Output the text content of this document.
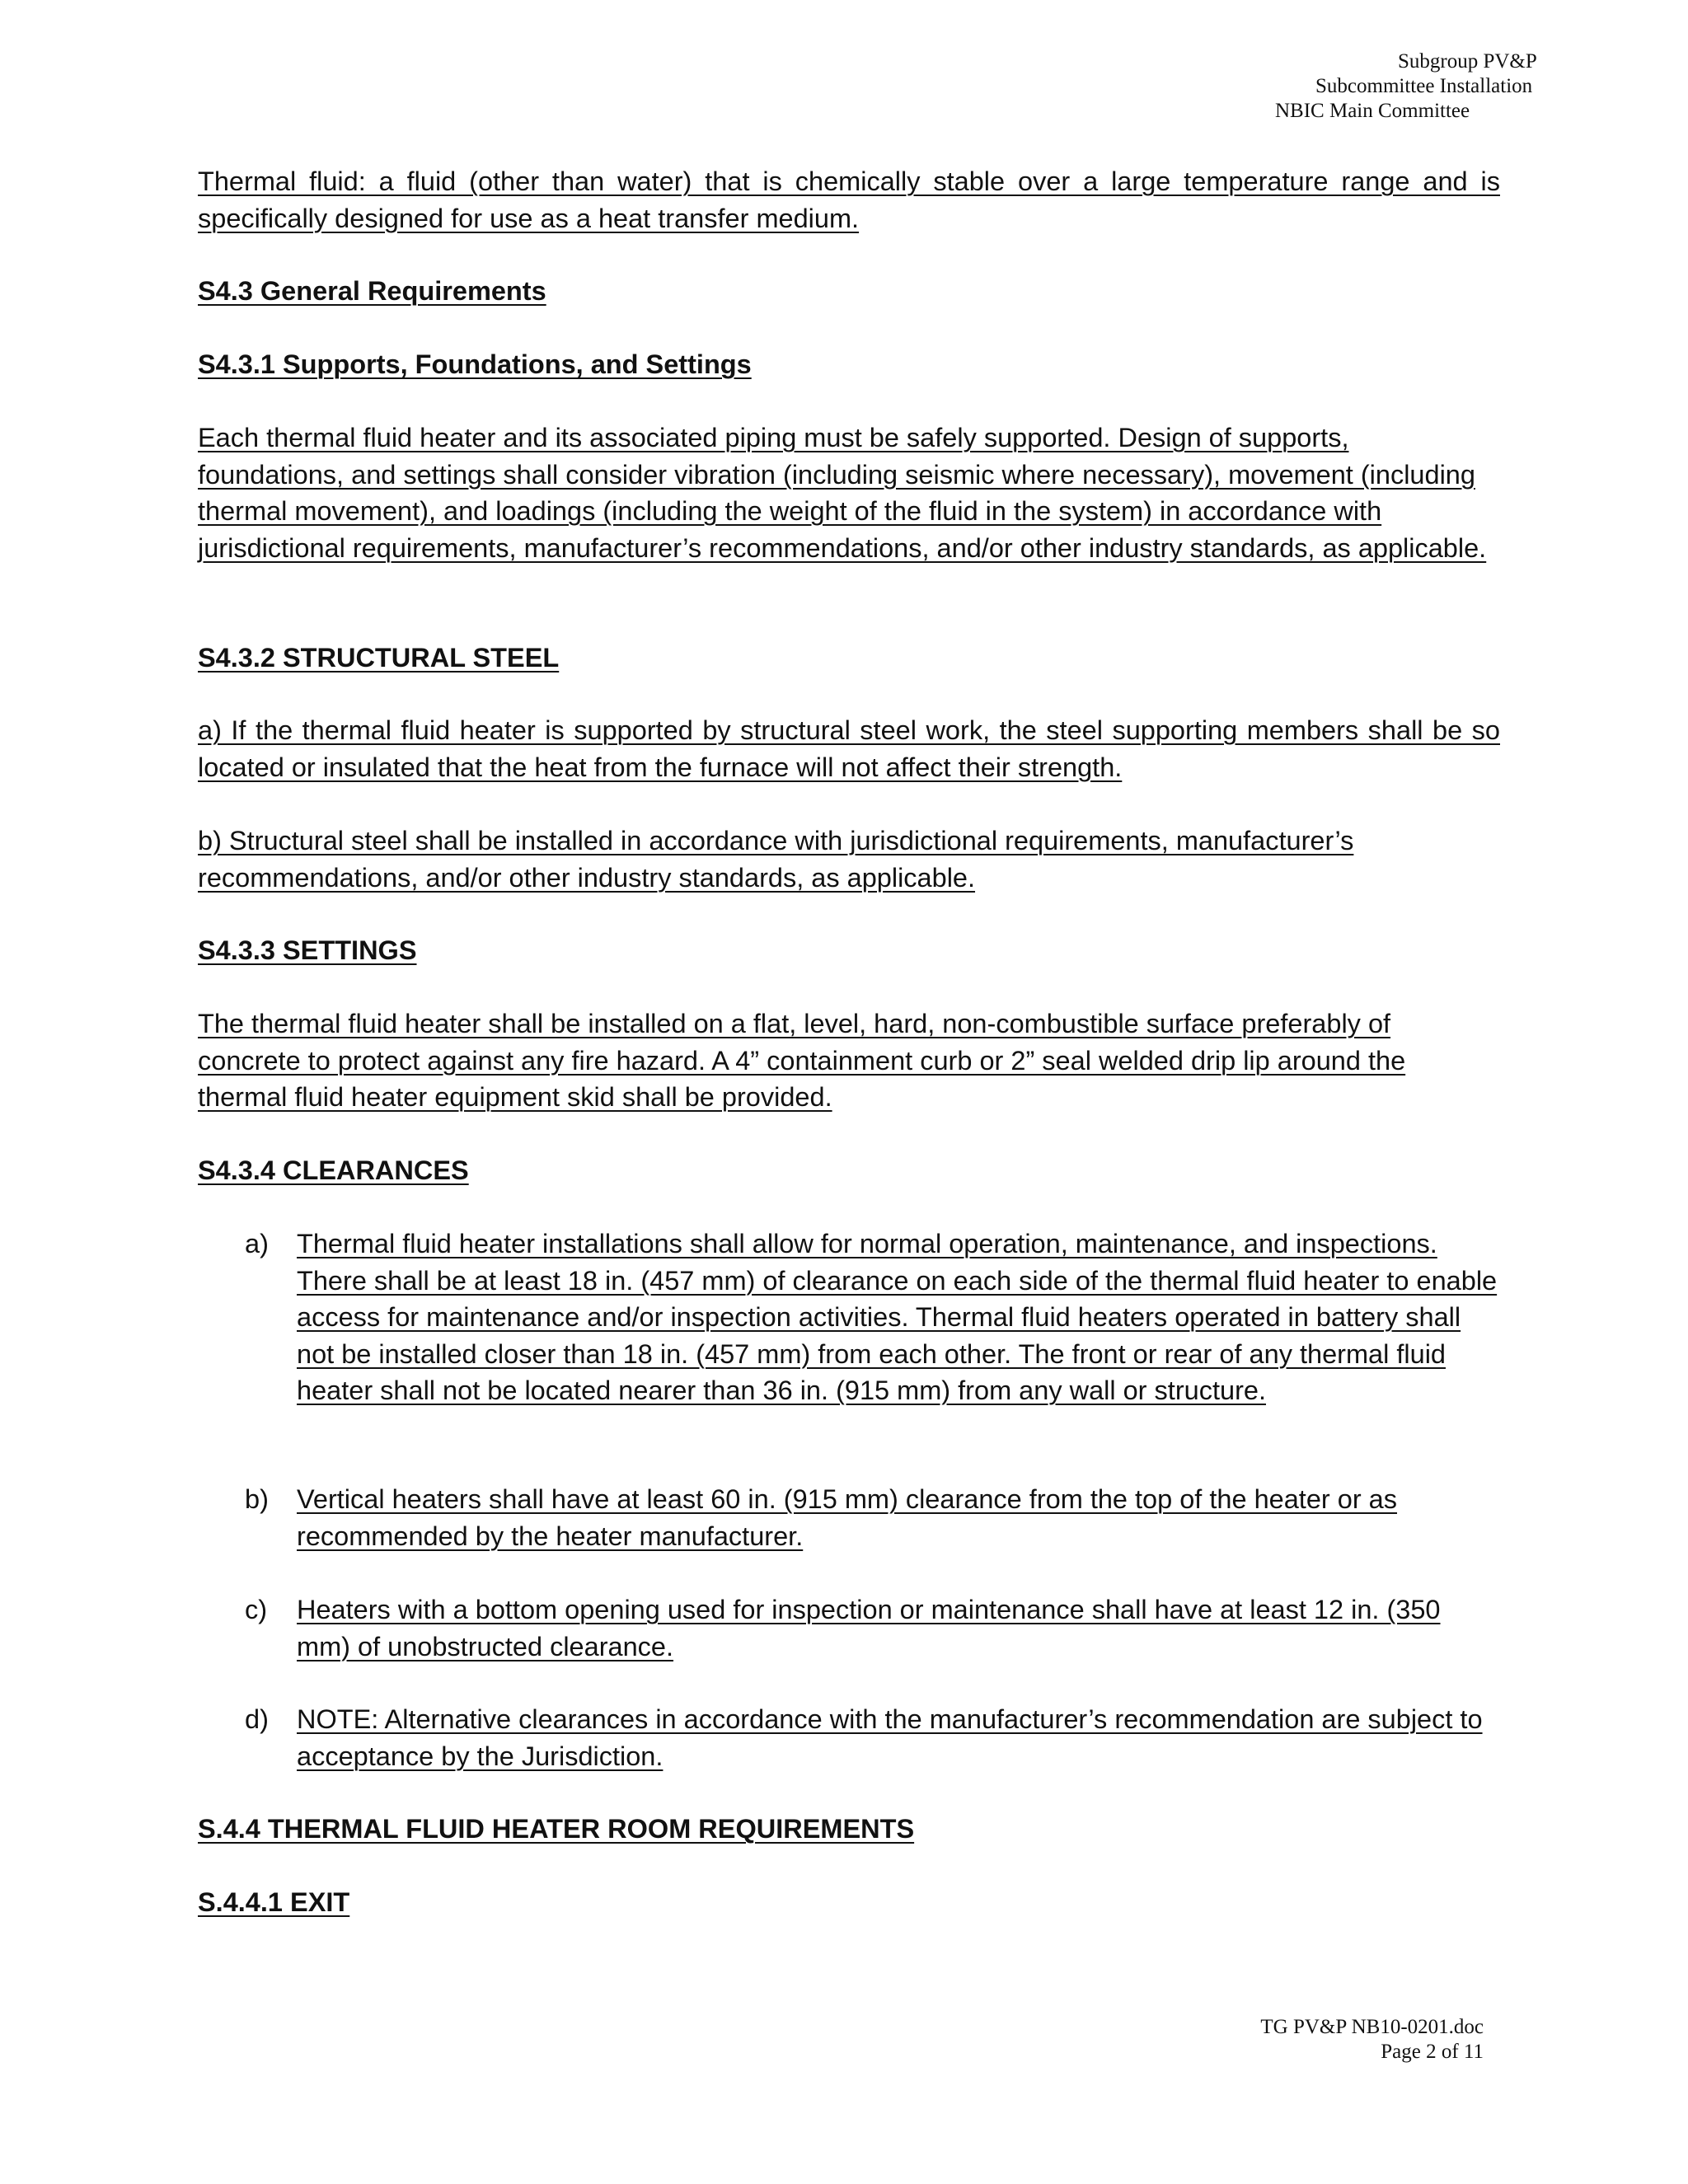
Subgroup PV&P
Subcommittee Installation
NBIC Main Committee
Thermal fluid: a fluid (other than water) that is chemically stable over a large temperature range and is specifically designed for use as a heat transfer medium.
S4.3 General Requirements
S4.3.1 Supports, Foundations, and Settings
Each thermal fluid heater and its associated piping must be safely supported. Design of supports, foundations, and settings shall consider vibration (including seismic where necessary), movement (including thermal movement), and loadings (including the weight of the fluid in the system) in accordance with jurisdictional requirements, manufacturer’s recommendations, and/or other industry standards, as applicable.
S4.3.2 STRUCTURAL STEEL
a) If the thermal fluid heater is supported by structural steel work, the steel supporting members shall be so located or insulated that the heat from the furnace will not affect their strength.
b) Structural steel shall be installed in accordance with jurisdictional requirements, manufacturer’s recommendations, and/or other industry standards, as applicable.
S4.3.3 SETTINGS
The thermal fluid heater shall be installed on a flat, level, hard, non-combustible surface preferably of concrete to protect against any fire hazard. A 4” containment curb or 2” seal welded drip lip around the thermal fluid heater equipment skid shall be provided.
S4.3.4 CLEARANCES
a)	Thermal fluid heater installations shall allow for normal operation, maintenance, and inspections. There shall be at least 18 in. (457 mm) of clearance on each side of the thermal fluid heater to enable access for maintenance and/or inspection activities. Thermal fluid heaters operated in battery shall not be installed closer than 18 in. (457 mm) from each other. The front or rear of any thermal fluid heater shall not be located nearer than 36 in. (915 mm) from any wall or structure.
b)	Vertical heaters shall have at least 60 in. (915 mm) clearance from the top of the heater or as recommended by the heater manufacturer.
c)	Heaters with a bottom opening used for inspection or maintenance shall have at least 12 in. (350 mm) of unobstructed clearance.
d)	NOTE: Alternative clearances in accordance with the manufacturer’s recommendation are subject to acceptance by the Jurisdiction.
S.4.4 THERMAL FLUID HEATER ROOM REQUIREMENTS
S.4.4.1 EXIT
TG PV&P NB10-0201.doc
Page 2 of 11
